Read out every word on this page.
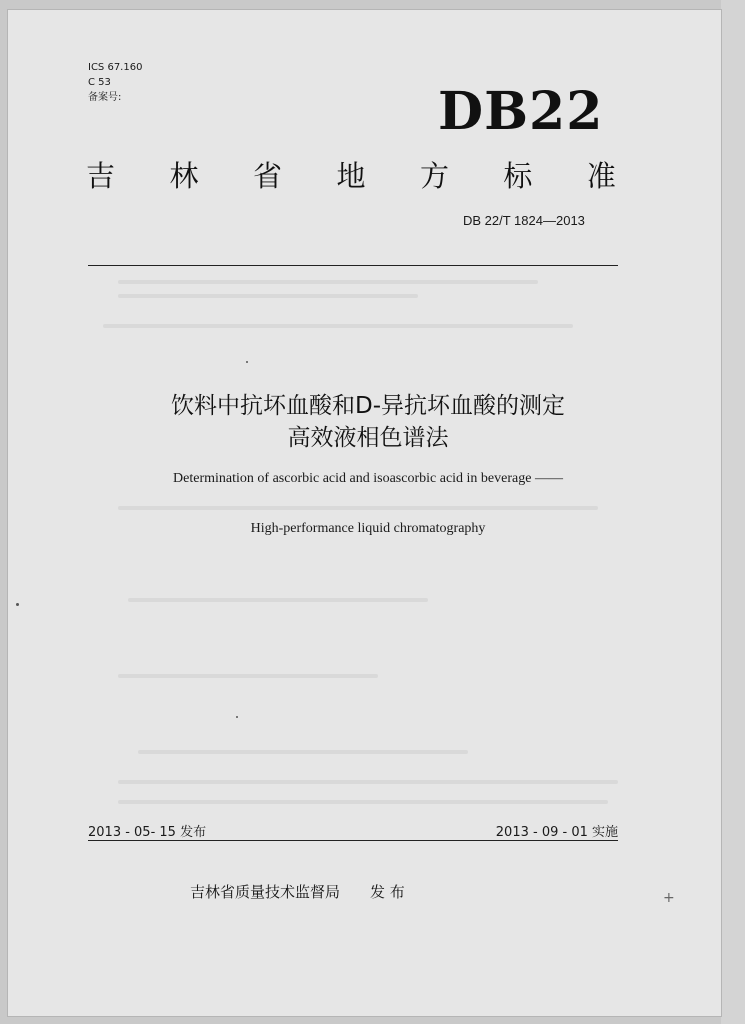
ICS 67.160
C 53
备案号:	DB22
吉 林 省 地 方 标 准
DB 22/T 1824—2013
饮料中抗坏血酸和D-异抗坏血酸的测定
高效液相色谱法
Determination of ascorbic acid and isoascorbic acid in beverage ——
High-performance liquid chromatography
2013 - 05- 15 发布	2013 - 09 - 01 实施
吉林省质量技术监督局 发 布	+
